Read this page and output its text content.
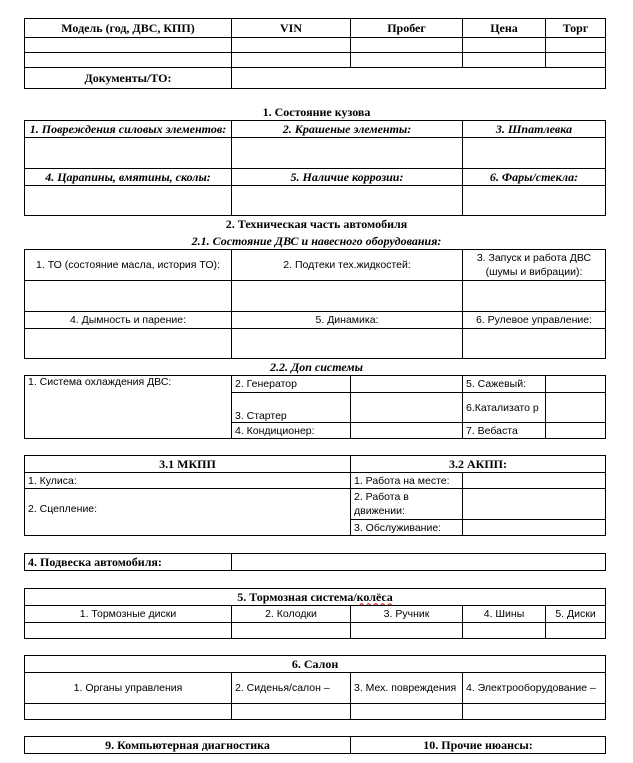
Модель (год, ДВС, КПП)	VIN	Пробег	Цена	Торг

Документы/ТО:				
1. Состояние кузова
1. Повреждения силовых элементов:	2. Крашеные элементы:	3. Шпатлевка

4. Царапины, вмятины, сколы:	5. Наличие коррозии:	6. Фары/стекла:

2. Техническая часть автомобиля
2.1. Состояние ДВС и навесного оборудования:
1. ТО (состояние масла, история ТО):	2. Подтеки тех.жидкостей:	3. Запуск и работа ДВС (шумы и вибрации):

4. Дымность и парение:	5. Динамика:	6. Рулевое управление:

2.2. Доп системы
1. Система охлаждения ДВС:	2. Генератор		5. Сажевый:	
	3. Стартер		6.Катализато р	
	4. Кондиционер:		7. Вебаста	
3.1 МКПП	3.2 АКПП:	
1. Кулиса:	1. Работа на месте:	
2. Сцепление:	2. Работа в движении:	
	3. Обслуживание:	
4. Подвеска автомобиля:	
5. Тормозная система/колёса				
1. Тормозные диски	2. Колодки	3. Ручник	4. Шины	5. Диски

6. Салон			
1. Органы управления	2. Сиденья/салон –	3. Мех. повреждения	4. Электрооборудование –

9. Компьютерная диагностика	10. Прочие нюансы:
